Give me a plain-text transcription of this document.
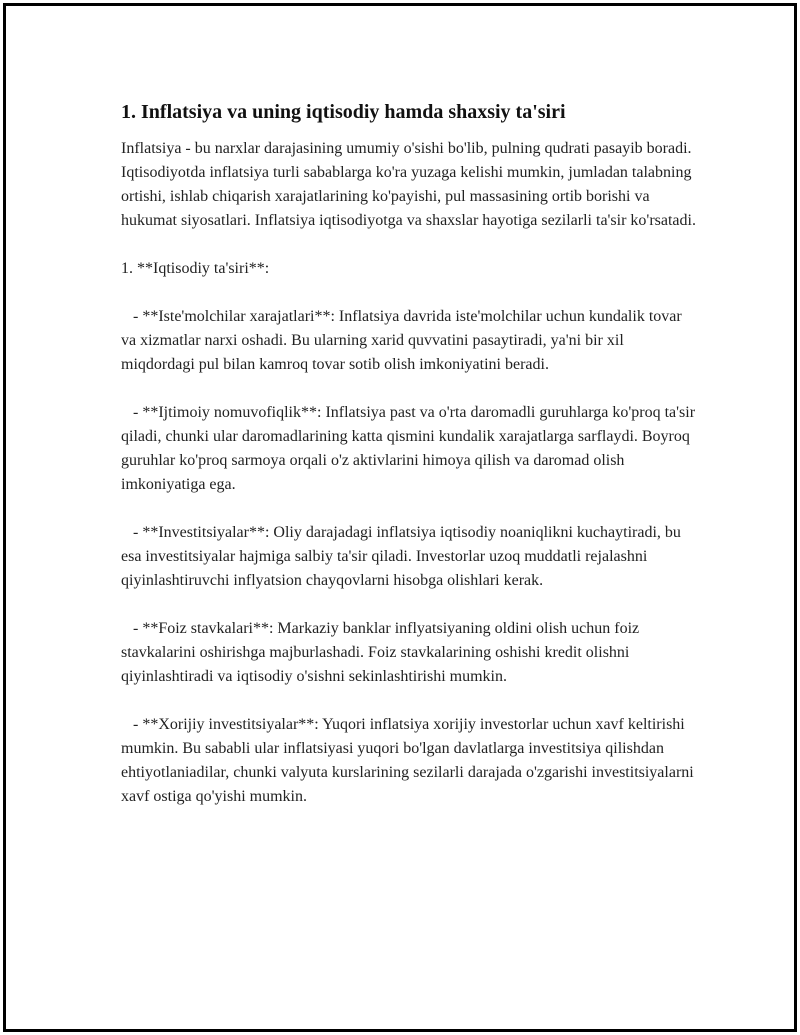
1. Inflatsiya va uning iqtisodiy hamda shaxsiy ta'siri

Inflatsiya - bu narxlar darajasining umumiy o'sishi bo'lib, pulning qudrati pasayib boradi. Iqtisodiyotda inflatsiya turli sabablarga ko'ra yuzaga kelishi mumkin, jumladan talabning ortishi, ishlab chiqarish xarajatlarining ko'payishi, pul massasining ortib borishi va hukumat siyosatlari. Inflatsiya iqtisodiyotga va shaxslar hayotiga sezilarli ta'sir ko'rsatadi.

1. **Iqtisodiy ta'siri**:

- **Iste'molchilar xarajatlari**: Inflatsiya davrida iste'molchilar uchun kundalik tovar va xizmatlar narxi oshadi. Bu ularning xarid quvvatini pasaytiradi, ya'ni bir xil miqdordagi pul bilan kamroq tovar sotib olish imkoniyatini beradi.

- **Ijtimoiy nomuvofiqlik**: Inflatsiya past va o'rta daromadli guruhlarga ko'proq ta'sir qiladi, chunki ular daromadlarining katta qismini kundalik xarajatlarga sarflaydi. Boyroq guruhlar ko'proq sarmoya orqali o'z aktivlarini himoya qilish va daromad olish imkoniyatiga ega.

- **Investitsiyalar**: Oliy darajadagi inflatsiya iqtisodiy noaniqlikni kuchaytiradi, bu esa investitsiyalar hajmiga salbiy ta'sir qiladi. Investorlar uzoq muddatli rejalashni qiyinlashtiruvchi inflyatsion chayqovlarni hisobga olishlari kerak.

- **Foiz stavkalari**: Markaziy banklar inflyatsiyaning oldini olish uchun foiz stavkalarini oshirishga majburlashadi. Foiz stavkalarining oshishi kredit olishni qiyinlashtiradi va iqtisodiy o'sishni sekinlashtirishi mumkin.

- **Xorijiy investitsiyalar**: Yuqori inflatsiya xorijiy investorlar uchun xavf keltirishi mumkin. Bu sababli ular inflatsiyasi yuqori bo'lgan davlatlarga investitsiya qilishdan ehtiyotlaniadilar, chunki valyuta kurslarining sezilarli darajada o'zgarishi investitsiyalarni xavf ostiga qo'yishi mumkin.
